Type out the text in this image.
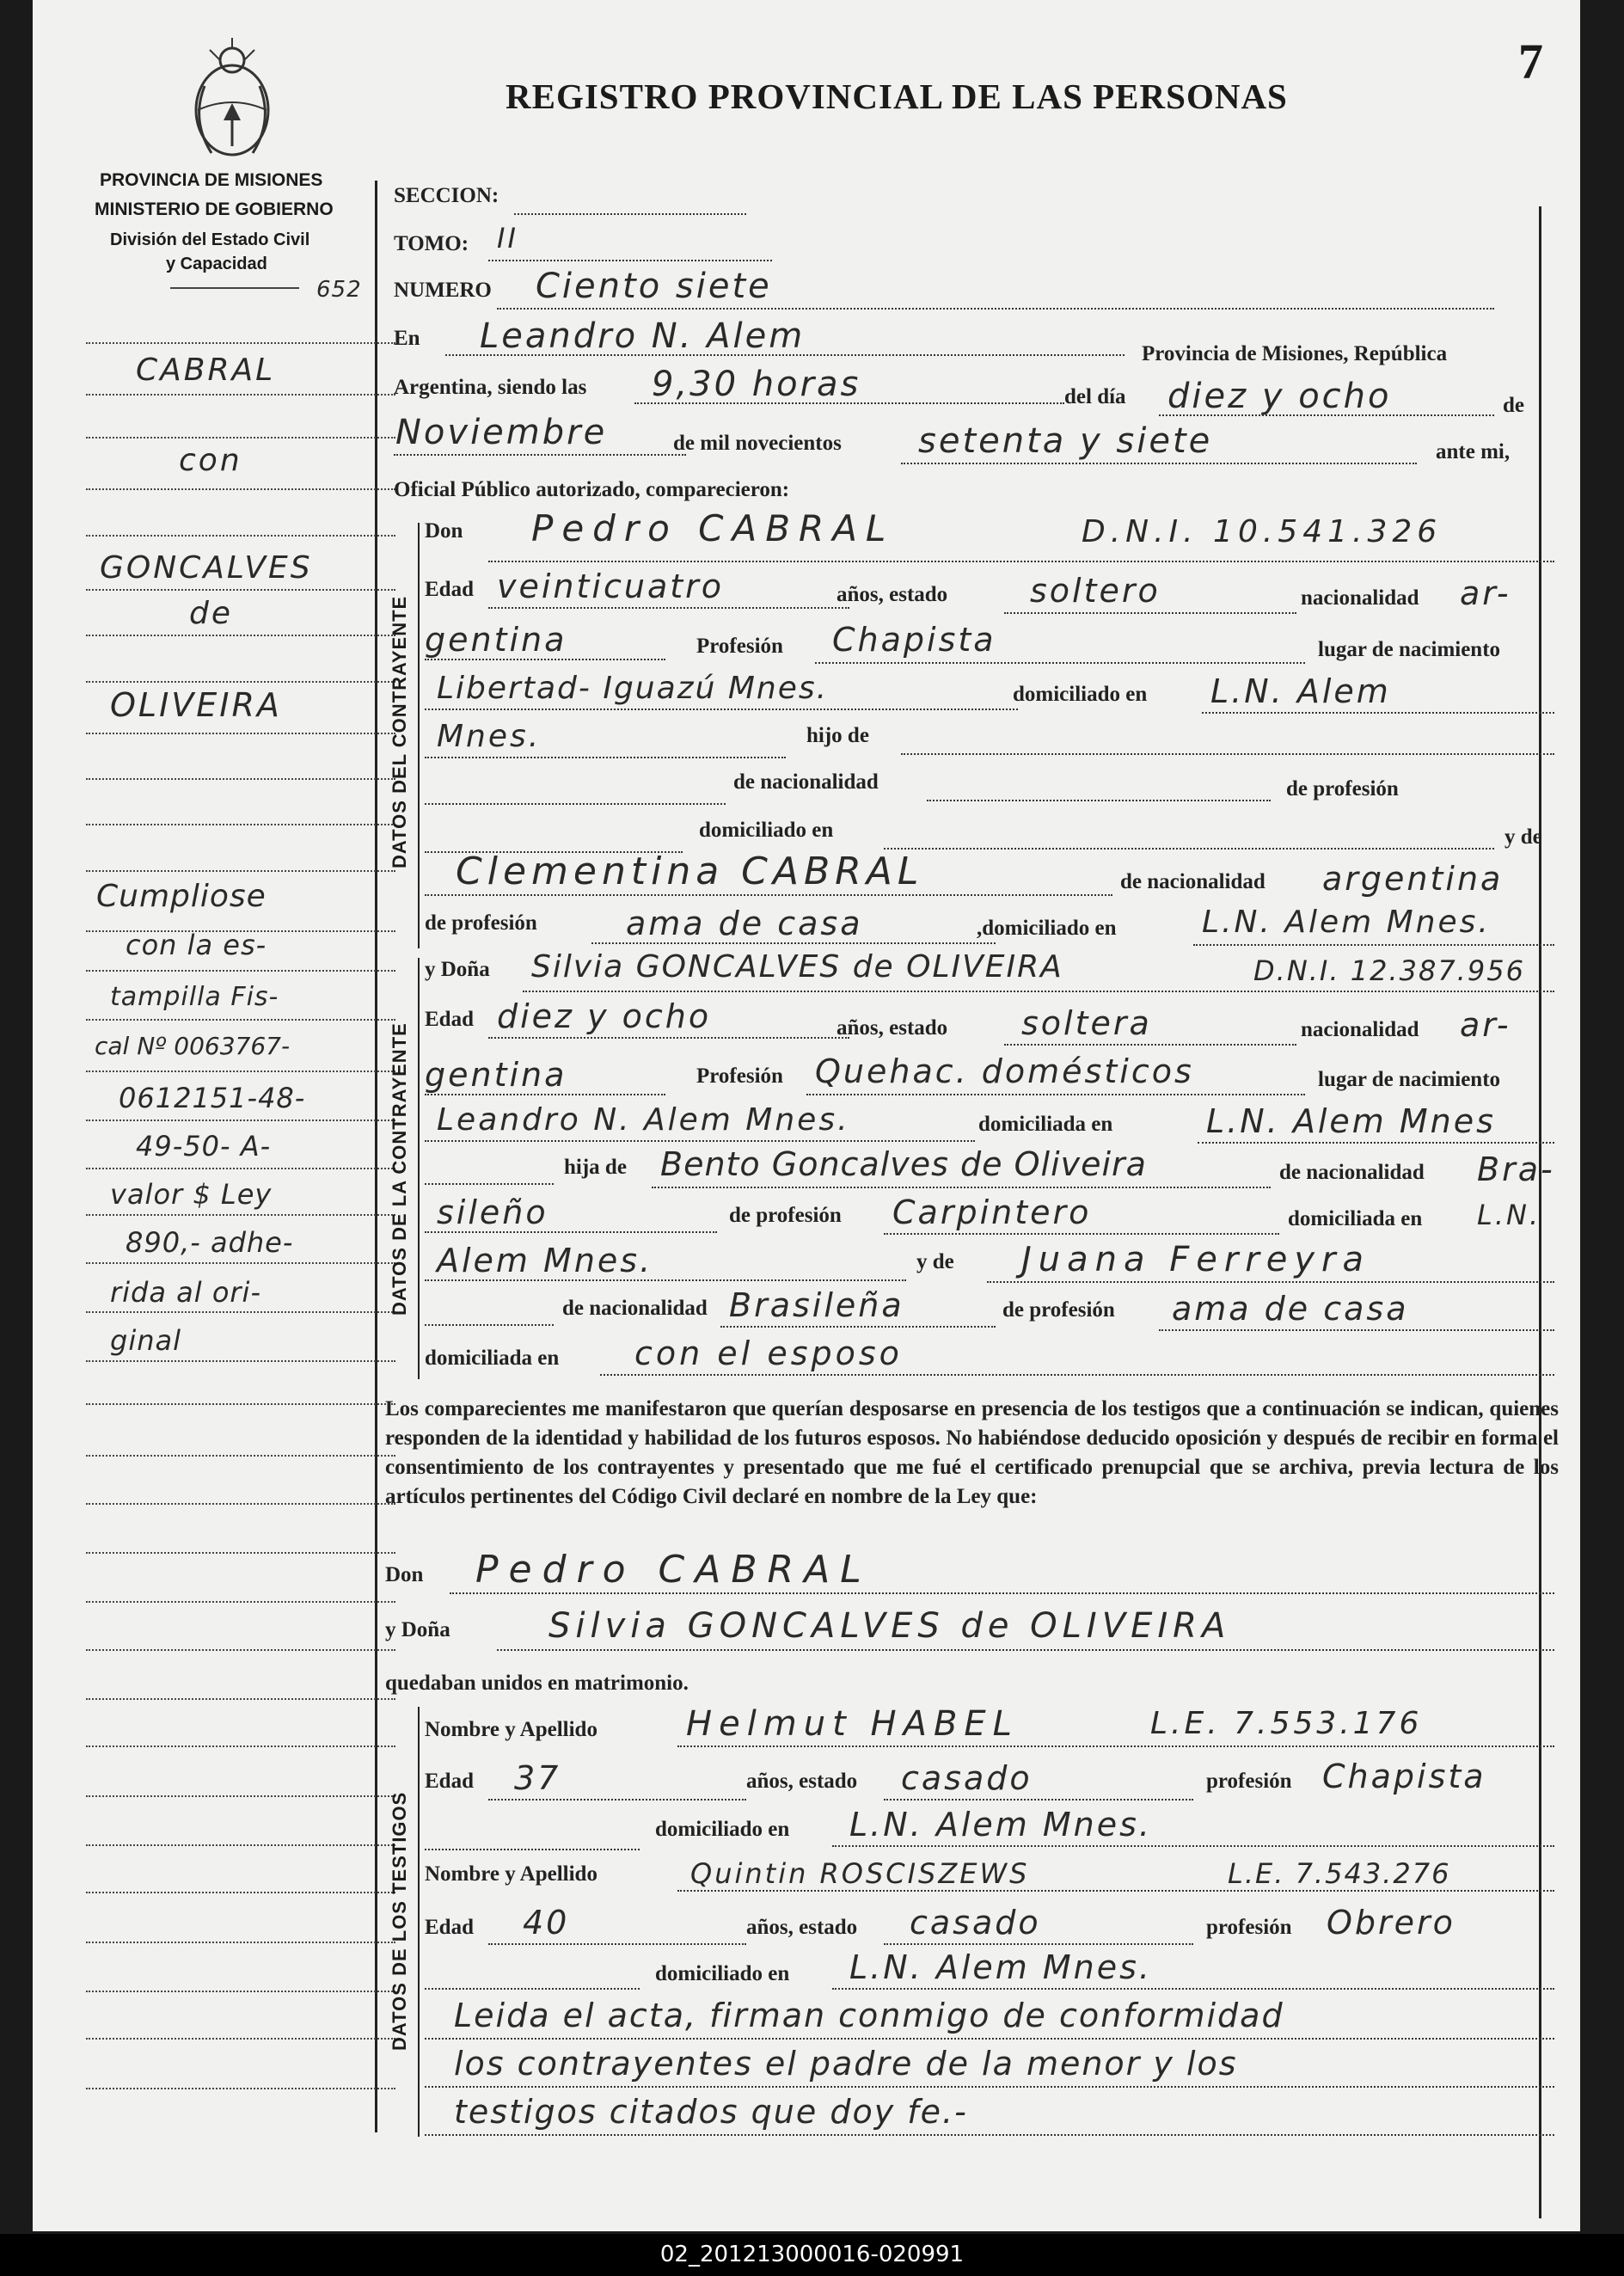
REGISTRO PROVINCIAL DE LAS PERSONAS
7
PROVINCIA DE MISIONES
MINISTERIO DE GOBIERNO
División del Estado Civil
y Capacidad
652
CABRAL
con
GONCALVES
de
OLIVEIRA
Cumpliose
con la es-
tampilla Fis-
cal Nº 0063767-
0612151-48-
49-50- A-
valor $ Ley
890,- adhe-
rida al ori-
ginal
SECCION:
TOMO: II
NUMERO Ciento siete
En Leandro N. Alem	Provincia de Misiones, República
Argentina, siendo las 9,30 horas	del día diez y ocho	de
Noviembre	de mil novecientos setenta y siete	ante mi,
Oficial Público autorizado, comparecieron:
DATOS DEL CONTRAYENTE
Don Pedro CABRAL	D.N.I. 10.541.326
Edad veinticuatro	años, estado	soltero	nacionalidad ar-
gentina	Profesión Chapista	lugar de nacimiento
Libertad- Iguazú Mnes.	domiciliado en L.N. Alem
Mnes.	hijo de
de nacionalidad	de profesión
domiciliado en	y de
Clementina CABRAL	de nacionalidad argentina
de profesión	ama de casa	,domiciliado en	L.N. Alem Mnes.
DATOS DE LA CONTRAYENTE
y Doña Silvia GONCALVES de OLIVEIRA	D.N.I. 12.387.956
Edad diez y ocho	años, estado soltera	nacionalidad ar-
gentina	Profesión Quehac. domésticos	lugar de nacimiento
Leandro N. Alem Mnes.	domiciliada en	L.N. Alem Mnes
hija de Bento Goncalves de Oliveira	de nacionalidad Bra-
sileño	de profesión Carpintero	domiciliada en L.N.
Alem Mnes.	y de Juana Ferreyra
de nacionalidad Brasileña	de profesión ama de casa
domiciliada en con el esposo
Los comparecientes me manifestaron que querían desposarse en presencia de los testigos que a continuación se indican, quienes responden de la identidad y habilidad de los futuros esposos. No habiéndose deducido oposición y después de recibir en forma el consentimiento de los contrayentes y presentado que me fué el certificado prenupcial que se archiva, previa lectura de los artículos pertinentes del Código Civil declaré en nombre de la Ley que:
Don Pedro CABRAL
y Doña	Silvia GONCALVES de OLIVEIRA
quedaban unidos en matrimonio.
DATOS DE LOS TESTIGOS
Nombre y Apellido	Helmut HABEL	L.E. 7.553.176
Edad 37	años, estado casado	profesión Chapista
domiciliado en L.N. Alem Mnes.
Nombre y Apellido	Quintin ROSCISZEWS	L.E. 7.543.276
Edad 40	años, estado casado	profesión Obrero
domiciliado en L.N. Alem Mnes.
Leida el acta, firman conmigo de conformidad
los contrayentes el padre de la menor y los
testigos citados que doy fe.-
02_201213000016-020991
